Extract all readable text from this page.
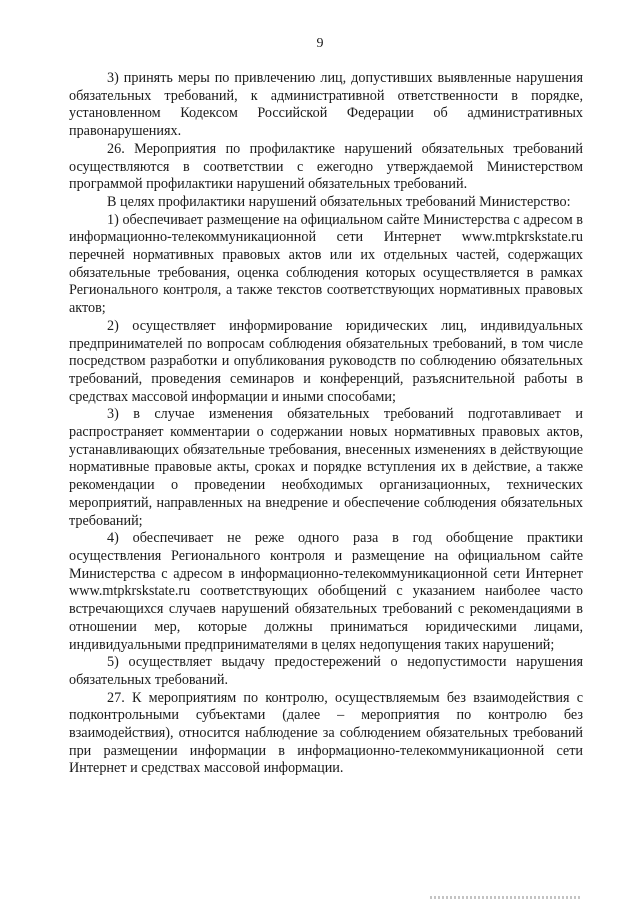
9

3) принять меры по привлечению лиц, допустивших выявленные нарушения обязательных требований, к административной ответственности в порядке, установленном Кодексом Российской Федерации об административных правонарушениях.

26. Мероприятия по профилактике нарушений обязательных требований осуществляются в соответствии с ежегодно утверждаемой Министерством программой профилактики нарушений обязательных требований.

В целях профилактики нарушений обязательных требований Министерство:

1) обеспечивает размещение на официальном сайте Министерства с адресом в информационно-телекоммуникационной сети Интернет www.mtpkrskstate.ru перечней нормативных правовых актов или их отдельных частей, содержащих обязательные требования, оценка соблюдения которых осуществляется в рамках Регионального контроля, а также текстов соответствующих нормативных правовых актов;

2) осуществляет информирование юридических лиц, индивидуальных предпринимателей по вопросам соблюдения обязательных требований, в том числе посредством разработки и опубликования руководств по соблюдению обязательных требований, проведения семинаров и конференций, разъяснительной работы в средствах массовой информации и иными способами;

3) в случае изменения обязательных требований подготавливает и распространяет комментарии о содержании новых нормативных правовых актов, устанавливающих обязательные требования, внесенных изменениях в действующие нормативные правовые акты, сроках и порядке вступления их в действие, а также рекомендации о проведении необходимых организационных, технических мероприятий, направленных на внедрение и обеспечение соблюдения обязательных требований;

4) обеспечивает не реже одного раза в год обобщение практики осуществления Регионального контроля и размещение на официальном сайте Министерства с адресом в информационно-телекоммуникационной сети Интернет www.mtpkrskstate.ru соответствующих обобщений с указанием наиболее часто встречающихся случаев нарушений обязательных требований с рекомендациями в отношении мер, которые должны приниматься юридическими лицами, индивидуальными предпринимателями в целях недопущения таких нарушений;

5) осуществляет выдачу предостережений о недопустимости нарушения обязательных требований.

27. К мероприятиям по контролю, осуществляемым без взаимодействия с подконтрольными субъектами (далее – мероприятия по контролю без взаимодействия), относится наблюдение за соблюдением обязательных требований при размещении информации в информационно-телекоммуникационной сети Интернет и средствах массовой информации.
